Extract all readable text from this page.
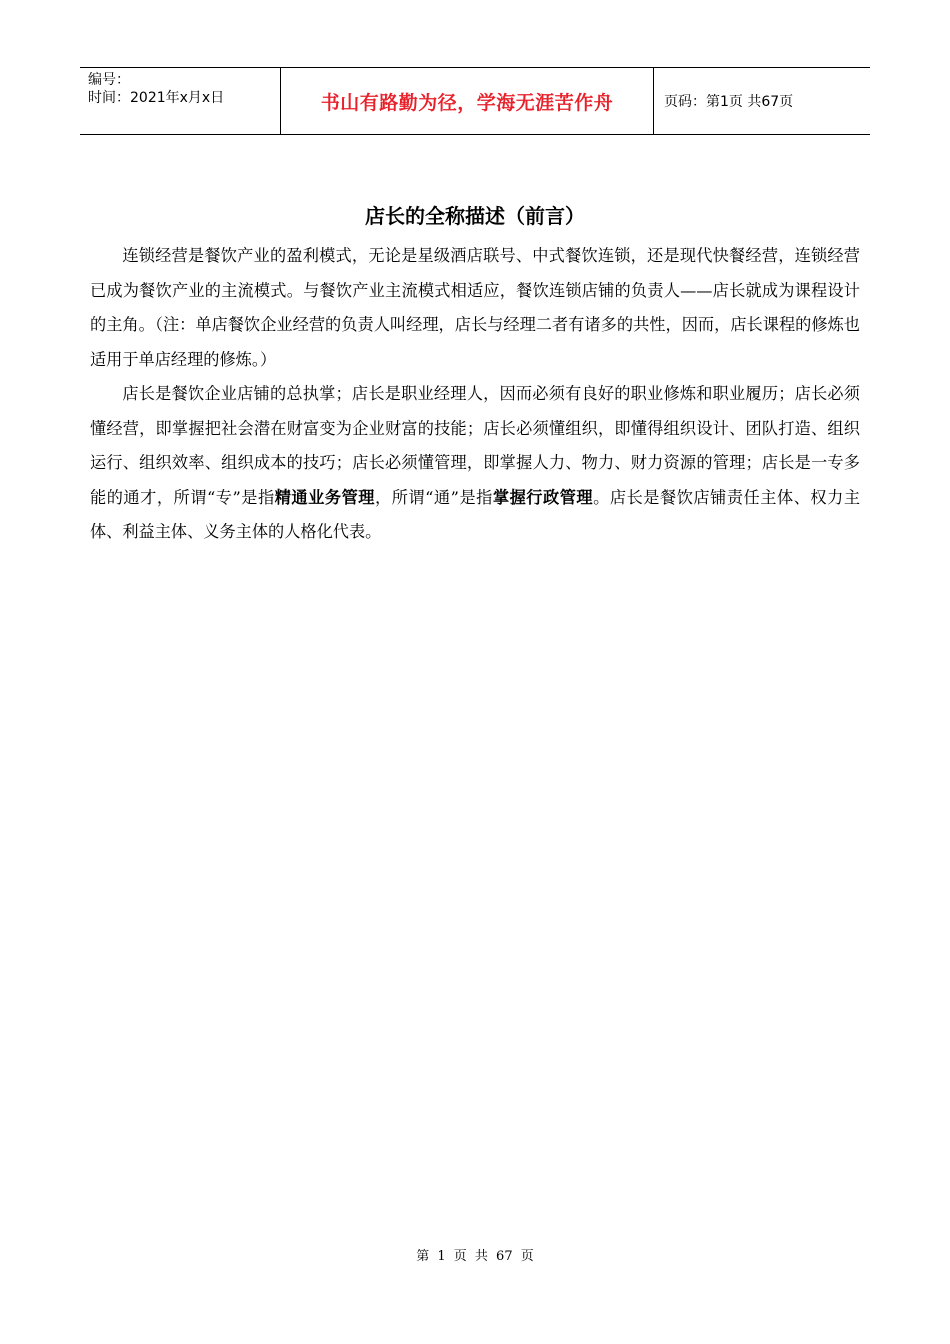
编号：
时间：2021年x月x日	书山有路勤为径，学海无涯苦作舟	页码：第1页 共67页
店长的全称描述（前言）

连锁经营是餐饮产业的盈利模式，无论是星级酒店联号、中式餐饮连锁，还是现代快餐经营，连锁经营已成为餐饮产业的主流模式。与餐饮产业主流模式相适应，餐饮连锁店铺的负责人——店长就成为课程设计的主角。（注：单店餐饮企业经营的负责人叫经理，店长与经理二者有诸多的共性，因而，店长课程的修炼也适用于单店经理的修炼。）

店长是餐饮企业店铺的总执掌；店长是职业经理人，因而必须有良好的职业修炼和职业履历；店长必须懂经营，即掌握把社会潜在财富变为企业财富的技能；店长必须懂组织，即懂得组织设计、团队打造、组织运行、组织效率、组织成本的技巧；店长必须懂管理，即掌握人力、物力、财力资源的管理；店长是一专多能的通才，所谓“专”是指精通业务管理，所谓“通”是指掌握行政管理。店长是餐饮店铺责任主体、权力主体、利益主体、义务主体的人格化代表。

第 1 页 共 67 页
